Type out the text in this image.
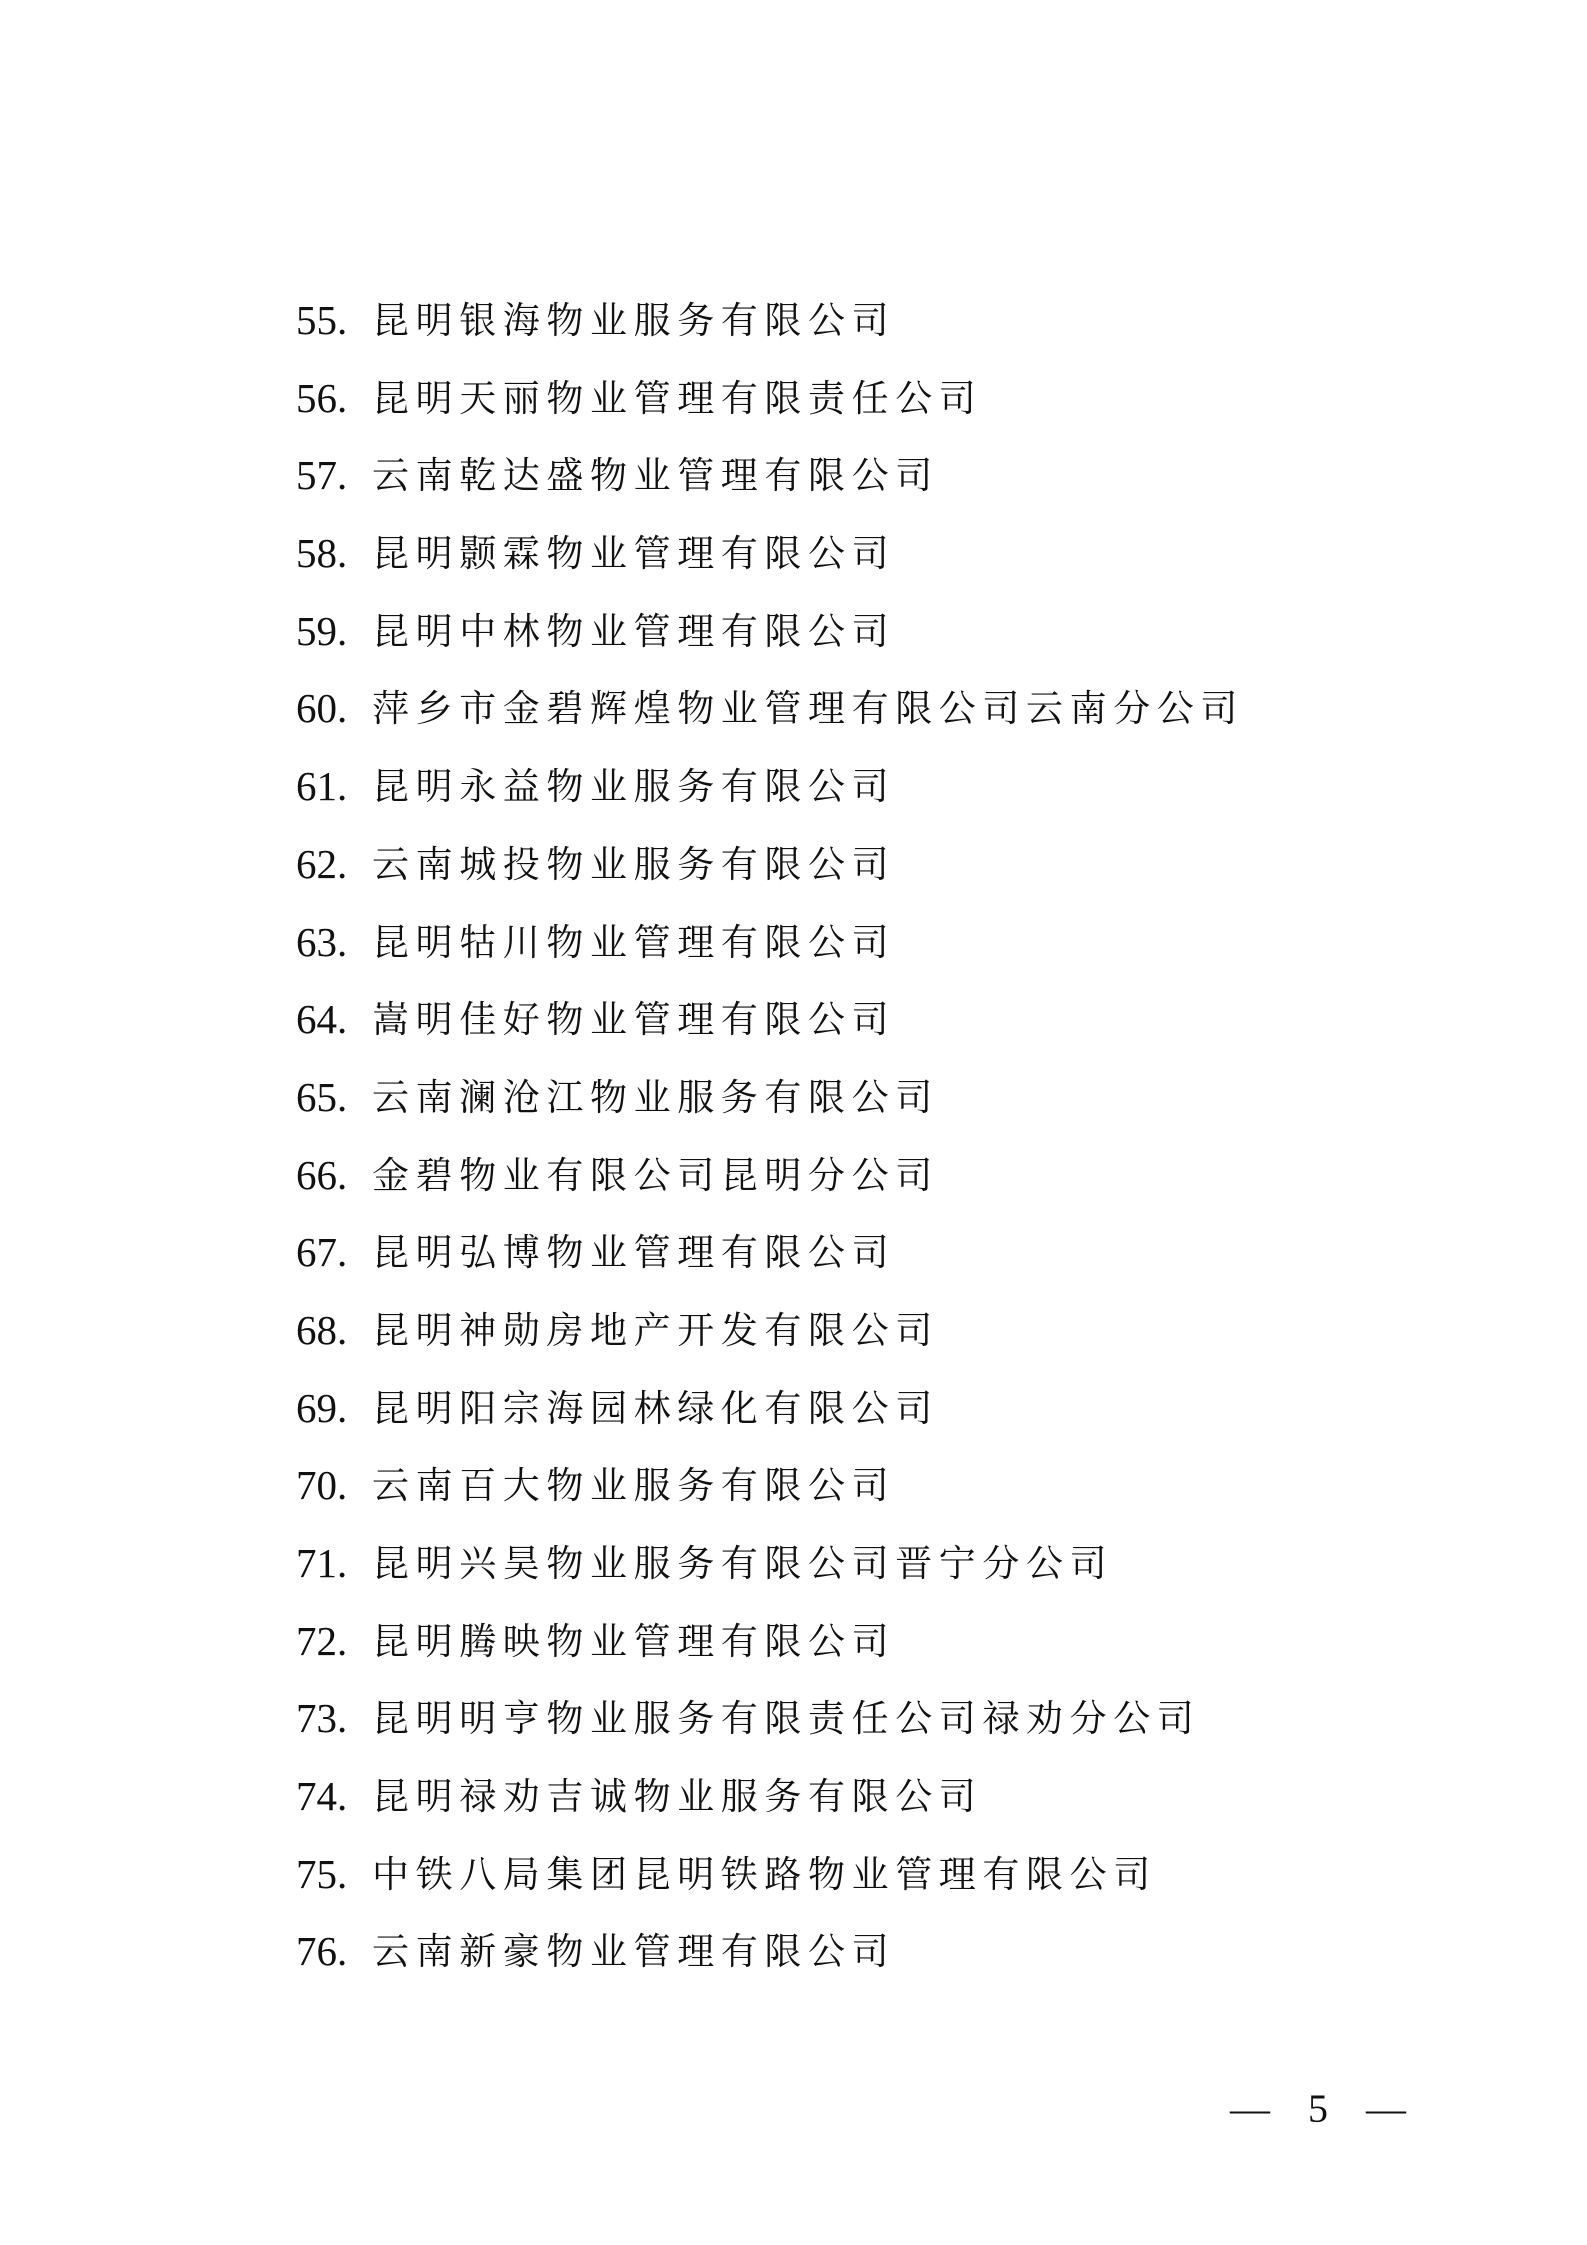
55. 昆明银海物业服务有限公司
56. 昆明天丽物业管理有限责任公司
57. 云南乾达盛物业管理有限公司
58. 昆明颢霖物业管理有限公司
59. 昆明中林物业管理有限公司
60. 萍乡市金碧辉煌物业管理有限公司云南分公司
61. 昆明永益物业服务有限公司
62. 云南城投物业服务有限公司
63. 昆明牯川物业管理有限公司
64. 嵩明佳好物业管理有限公司
65. 云南澜沧江物业服务有限公司
66. 金碧物业有限公司昆明分公司
67. 昆明弘博物业管理有限公司
68. 昆明神勋房地产开发有限公司
69. 昆明阳宗海园林绿化有限公司
70. 云南百大物业服务有限公司
71. 昆明兴昊物业服务有限公司晋宁分公司
72. 昆明腾映物业管理有限公司
73. 昆明明亨物业服务有限责任公司禄劝分公司
74. 昆明禄劝吉诚物业服务有限公司
75. 中铁八局集团昆明铁路物业管理有限公司
76. 云南新豪物业管理有限公司
— 5 —
